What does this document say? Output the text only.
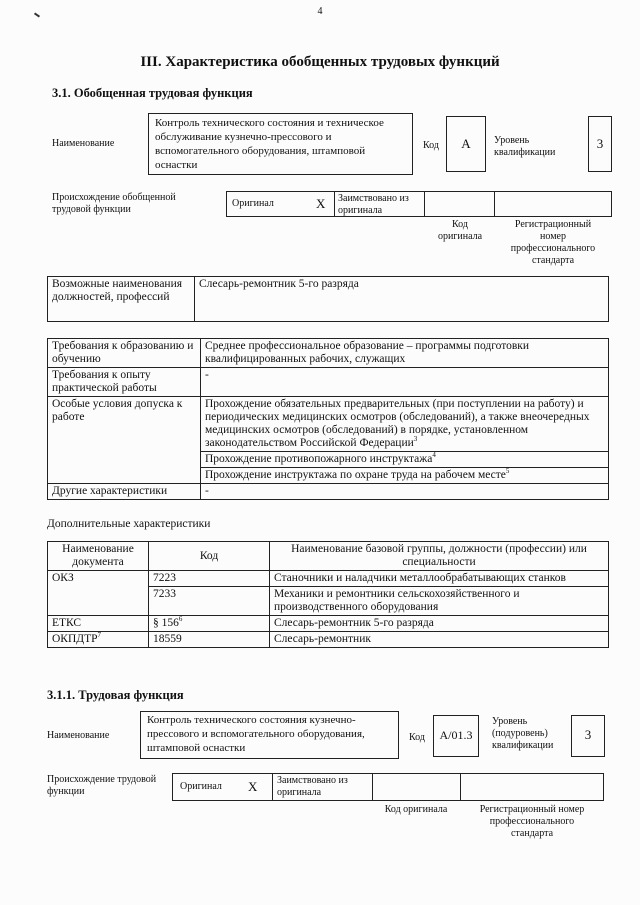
4
III. Характеристика обобщенных трудовых функций
3.1. Обобщенная трудовая функция
Наименование
Контроль технического состояния и техническое обслуживание кузнечно-прессового и вспомогательного оборудования, штамповой оснастки
Код	А	Уровень квалификации
3
Происхождение обобщенной трудовой функции
Оригинал	X Заимствовано из оригинала
Код оригинала
Регистрационный номер профессионального стандарта
Возможные наименования должностей, профессий	Слесарь-ремонтник 5-го разряда
Требования к образованию и обучению	Среднее профессиональное образование – программы подготовки квалифицированных рабочих, служащих
Требования к опыту практической работы	-
Особые условия допуска к работе	Прохождение обязательных предварительных (при поступлении на работу) и периодических медицинских осмотров (обследований), а также внеочередных медицинских осмотров (обследований) в порядке, установленном законодательством Российской Федерации$^3$
	Прохождение противопожарного инструктажа$^4$
	Прохождение инструктажа по охране труда на рабочем месте$^5$
Другие характеристики	-
Дополнительные характеристики
Наименование документа	Код	Наименование базовой группы, должности (профессии) или специальности
ОКЗ	7223	Станочники и наладчики металлообрабатывающих станков
	7233	Механики и ремонтники сельскохозяйственного и производственного оборудования
ЕТКС	§ $156^6$	Слесарь-ремонтник 5-го разряда
ОКПДТР$^7$	18559	Слесарь-ремонтник
3.1.1. Трудовая функция
Наименование
Контроль технического состояния кузнечно-прессового и вспомогательного оборудования, штамповой оснастки
Код	A/01.3
Уровень (подуровень) квалификации
3
Происхождение трудовой функции	Оригинал X Заимствовано из оригинала
Код оригинала	Регистрационный номер профессионального стандарта
